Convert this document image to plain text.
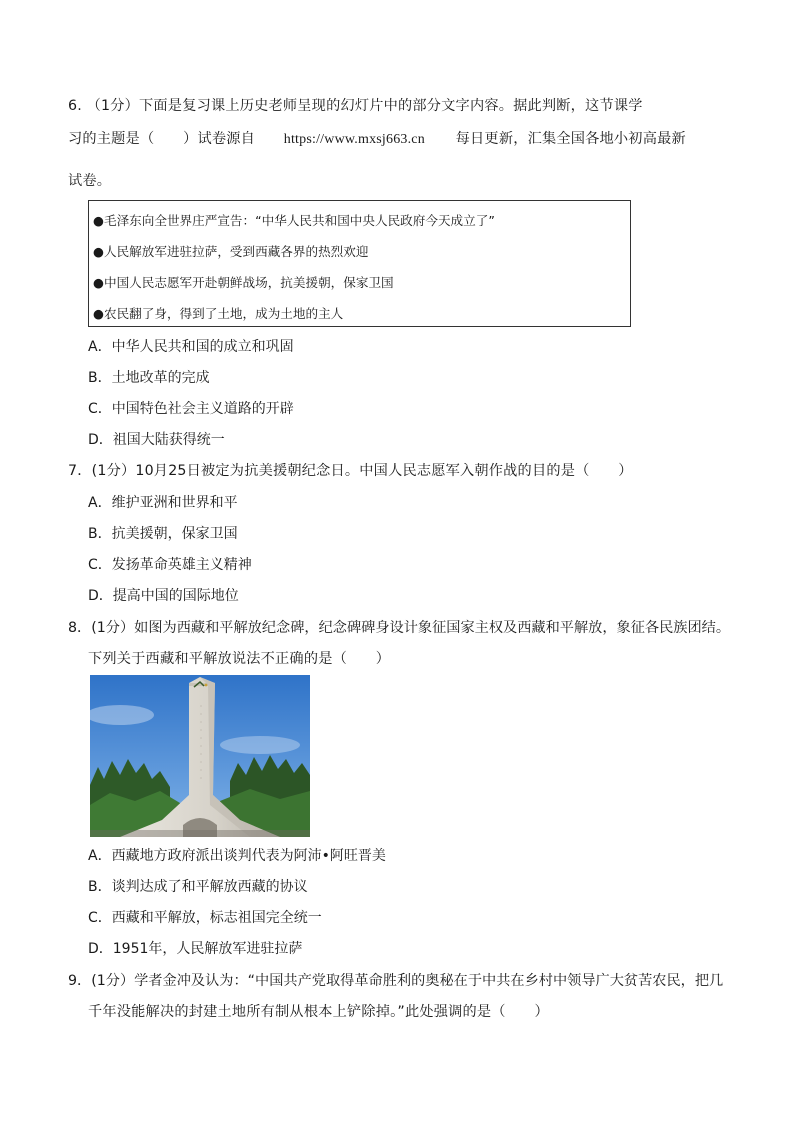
6. （1分）下面是复习课上历史老师呈现的幻灯片中的部分文字内容。据此判断，这节课学
习的主题是（　　）试卷源自 https://www.mxsj663.cn 每日更新，汇集全国各地小初高最新
试卷。
●毛泽东向全世界庄严宣告：“中华人民共和国中央人民政府今天成立了”
●人民解放军进驻拉萨，受到西藏各界的热烈欢迎
●中国人民志愿军开赴朝鲜战场，抗美援朝，保家卫国
●农民翻了身，得到了土地，成为土地的主人
A．中华人民共和国的成立和巩固
B．土地改革的完成
C．中国特色社会主义道路的开辟
D．祖国大陆获得统一
7．(1分）10月25日被定为抗美援朝纪念日。中国人民志愿军入朝作战的目的是（　　）
A．维护亚洲和世界和平
B．抗美援朝，保家卫国
C．发扬革命英雄主义精神
D．提高中国的国际地位
8．(1分）如图为西藏和平解放纪念碑，纪念碑碑身设计象征国家主权及西藏和平解放，象征各民族团结。
下列关于西藏和平解放说法不正确的是（　　）
A．西藏地方政府派出谈判代表为阿沛•阿旺晋美
B．谈判达成了和平解放西藏的协议
C．西藏和平解放，标志祖国完全统一
D．1951年，人民解放军进驻拉萨
9．(1分）学者金冲及认为：“中国共产党取得革命胜利的奥秘在于中共在乡村中领导广大贫苦农民，把几
千年没能解决的封建土地所有制从根本上铲除掉。”此处强调的是（　　）
